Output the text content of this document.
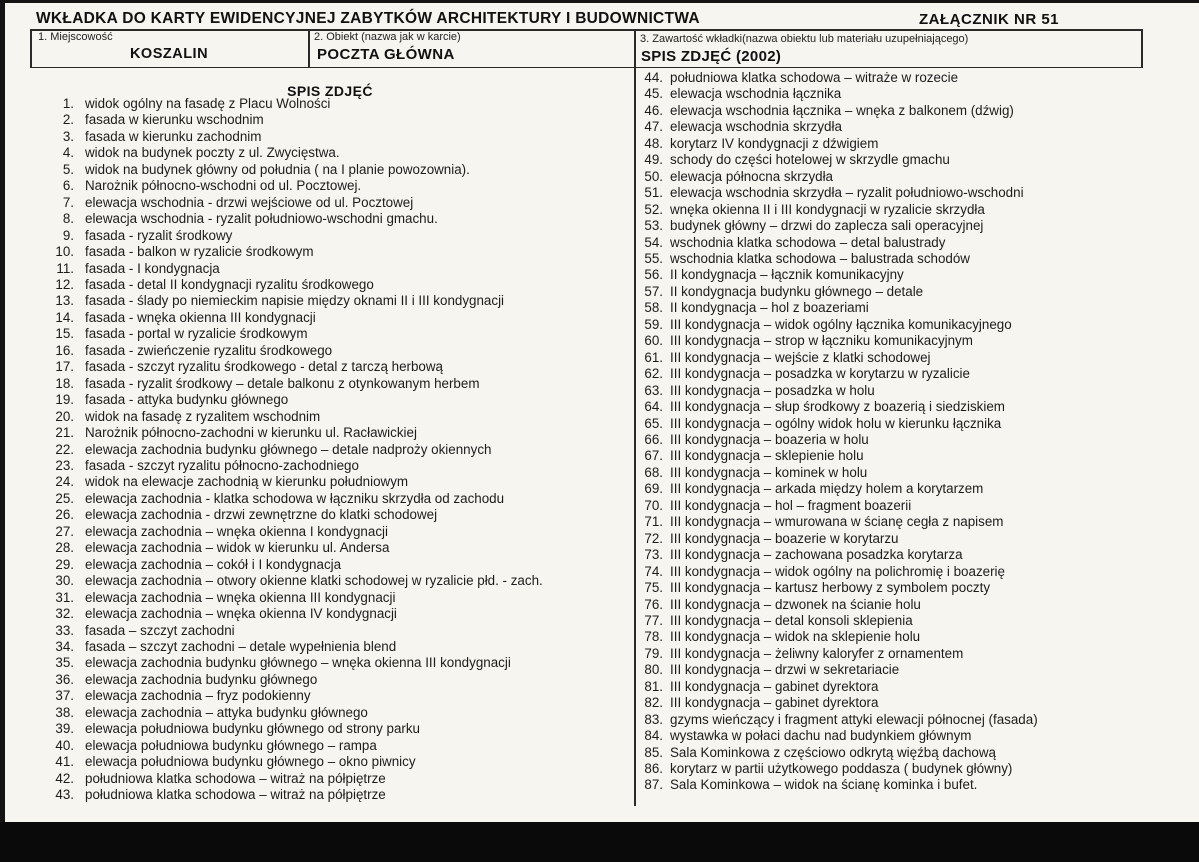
WKŁADKA DO KARTY EWIDENCYJNEJ ZABYTKÓW ARCHITEKTURY I BUDOWNICTWA	ZAŁĄCZNIK NR 51
1. Miejscowość
KOSZALIN
2. Obiekt (nazwa jak w karcie)
POCZTA GŁÓWNA
3. Zawartość wkładki(nazwa obiektu lub materiału uzupełniającego)
SPIS ZDJĘĆ (2002)
SPIS ZDJĘĆ
1. widok ogólny na fasadę z Placu Wolności
2. fasada w kierunku wschodnim
3. fasada w kierunku zachodnim
4. widok na budynek poczty z ul. Zwycięstwa.
5. widok na budynek główny od południa ( na I planie powozownia).
6. Narożnik północno-wschodni od ul. Pocztowej.
7. elewacja wschodnia - drzwi wejściowe od ul. Pocztowej
8. elewacja wschodnia - ryzalit południowo-wschodni gmachu.
9. fasada - ryzalit środkowy
10. fasada - balkon w ryzalicie środkowym
11. fasada - I kondygnacja
12. fasada - detal II kondygnacji ryzalitu środkowego
13. fasada - ślady po niemieckim napisie między oknami II i III kondygnacji
14. fasada - wnęka okienna III kondygnacji
15. fasada - portal w ryzalicie środkowym
16. fasada - zwieńczenie ryzalitu środkowego
17. fasada - szczyt ryzalitu środkowego - detal z tarczą herbową
18. fasada - ryzalit środkowy – detale balkonu z otynkowanym herbem
19. fasada - attyka budynku głównego
20. widok na fasadę z ryzalitem wschodnim
21. Narożnik północno-zachodni w kierunku ul. Racławickiej
22. elewacja zachodnia budynku głównego – detale nadproży okiennych
23. fasada - szczyt ryzalitu północno-zachodniego
24. widok na elewacje zachodnią w kierunku południowym
25. elewacja zachodnia - klatka schodowa w łączniku skrzydła od zachodu
26. elewacja zachodnia - drzwi zewnętrzne do klatki schodowej
27. elewacja zachodnia – wnęka okienna I kondygnacji
28. elewacja zachodnia – widok w kierunku ul. Andersa
29. elewacja zachodnia – cokół i I kondygnacja
30. elewacja zachodnia – otwory okienne klatki schodowej w ryzalicie płd. - zach.
31. elewacja zachodnia – wnęka okienna III kondygnacji
32. elewacja zachodnia – wnęka okienna IV kondygnacji
33. fasada – szczyt zachodni
34. fasada – szczyt zachodni – detale wypełnienia blend
35. elewacja zachodnia budynku głównego – wnęka okienna III kondygnacji
36. elewacja zachodnia budynku głównego
37. elewacja zachodnia – fryz podokienny
38. elewacja zachodnia – attyka budynku głównego
39. elewacja południowa budynku głównego od strony parku
40. elewacja południowa budynku głównego – rampa
41. elewacja południowa budynku głównego – okno piwnicy
42. południowa klatka schodowa – witraż na półpiętrze
43. południowa klatka schodowa – witraż na półpiętrze
44. południowa klatka schodowa – witraże w rozecie
45. elewacja wschodnia łącznika
46. elewacja wschodnia łącznika – wnęka z balkonem (dźwig)
47. elewacja wschodnia skrzydła
48. korytarz IV kondygnacji z dźwigiem
49. schody do części hotelowej w skrzydle gmachu
50. elewacja północna skrzydła
51. elewacja wschodnia skrzydła – ryzalit południowo-wschodni
52. wnęka okienna II i III kondygnacji w ryzalicie skrzydła
53. budynek główny – drzwi do zaplecza sali operacyjnej
54. wschodnia klatka schodowa – detal balustrady
55. wschodnia klatka schodowa – balustrada schodów
56. II kondygnacja – łącznik komunikacyjny
57. II kondygnacja budynku głównego – detale
58. II kondygnacja – hol z boazeriami
59. III kondygnacja – widok ogólny łącznika komunikacyjnego
60. III kondygnacja – strop w łączniku komunikacyjnym
61. III kondygnacja – wejście z klatki schodowej
62. III kondygnacja – posadzka w korytarzu w ryzalicie
63. III kondygnacja – posadzka w holu
64. III kondygnacja – słup środkowy z boazerią i siedziskiem
65. III kondygnacja – ogólny widok holu w kierunku łącznika
66. III kondygnacja – boazeria w holu
67. III kondygnacja – sklepienie holu
68. III kondygnacja – kominek w holu
69. III kondygnacja – arkada między holem a korytarzem
70. III kondygnacja – hol – fragment boazerii
71. III kondygnacja – wmurowana w ścianę cegła z napisem
72. III kondygnacja – boazerie w korytarzu
73. III kondygnacja – zachowana posadzka korytarza
74. III kondygnacja – widok ogólny na polichromię i boazerię
75. III kondygnacja – kartusz herbowy z symbolem poczty
76. III kondygnacja – dzwonek na ścianie holu
77. III kondygnacja – detal konsoli sklepienia
78. III kondygnacja – widok na sklepienie holu
79. III kondygnacja – żeliwny kaloryfer z ornamentem
80. III kondygnacja – drzwi w sekretariacie
81. III kondygnacja – gabinet dyrektora
82. III kondygnacja – gabinet dyrektora
83. gzyms wieńczący i fragment attyki elewacji północnej (fasada)
84. wystawka w połaci dachu nad budynkiem głównym
85. Sala Kominkowa z częściowo odkrytą więźbą dachową
86. korytarz w partii użytkowego poddasza ( budynek główny)
87. Sala Kominkowa – widok na ścianę kominka i bufet.
